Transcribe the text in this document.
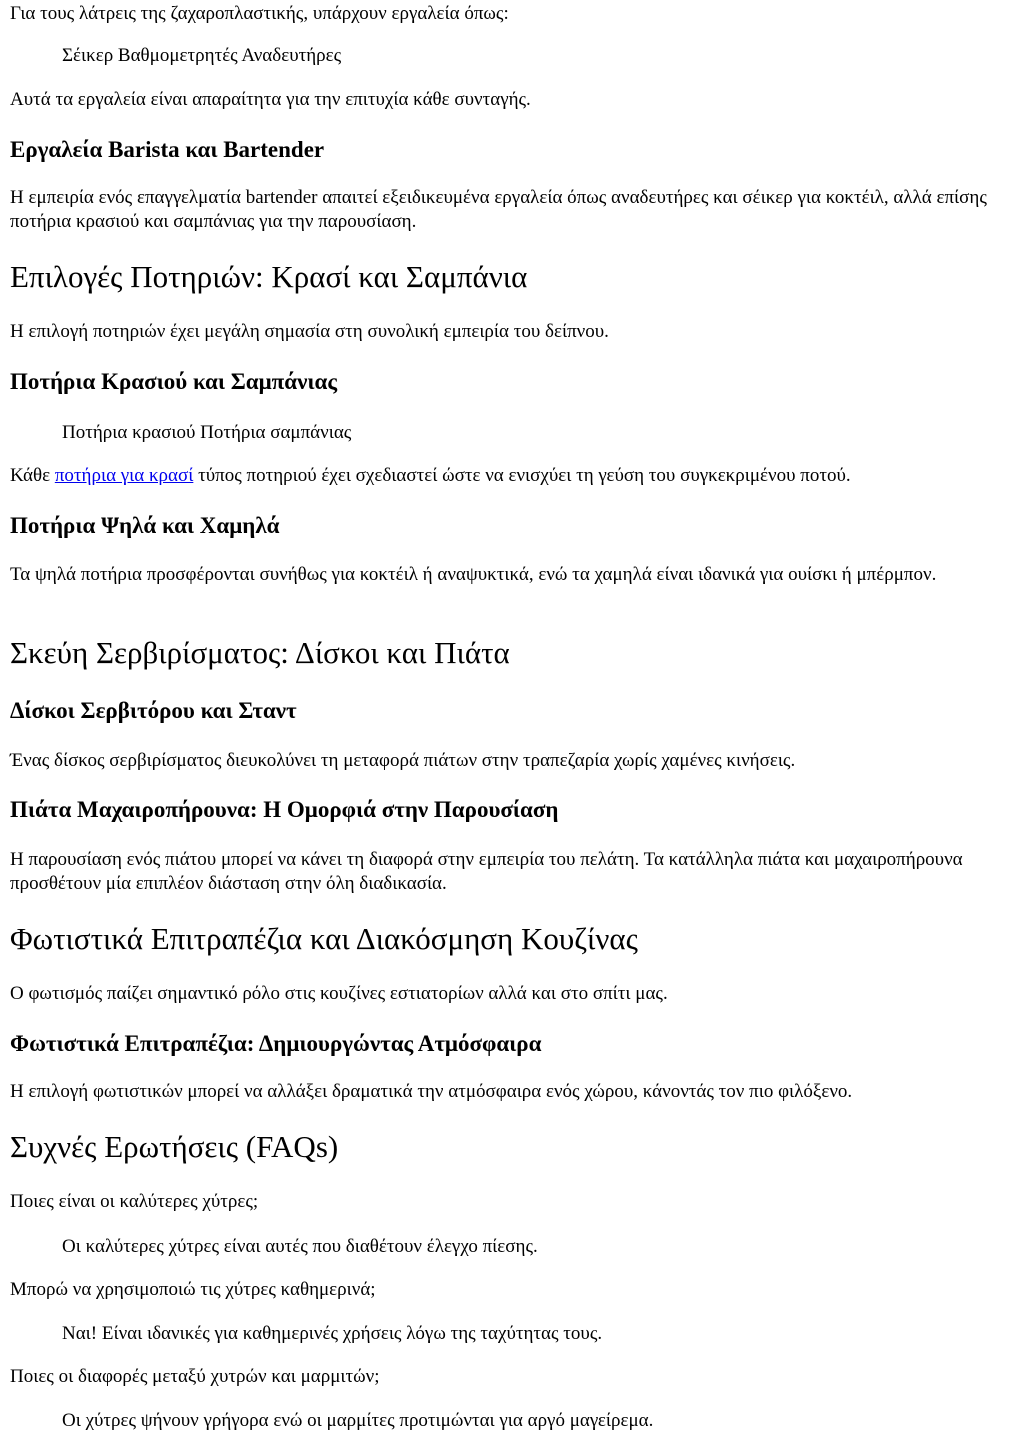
Για τους λάτρεις της ζαχαροπλαστικής, υπάρχουν εργαλεία όπως:

Σέικερ Βαθμομετρητές Αναδευτήρες

Αυτά τα εργαλεία είναι απαραίτητα για την επιτυχία κάθε συνταγής.

Εργαλεία Barista και Bartender

Η εμπειρία ενός επαγγελματία bartender απαιτεί εξειδικευμένα εργαλεία όπως αναδευτήρες και σέικερ για κοκτέιλ, αλλά επίσης ποτήρια κρασιού και σαμπάνιας για την παρουσίαση.

Επιλογές Ποτηριών: Κρασί και Σαμπάνια

Η επιλογή ποτηριών έχει μεγάλη σημασία στη συνολική εμπειρία του δείπνου.

Ποτήρια Κρασιού και Σαμπάνιας

Ποτήρια κρασιού Ποτήρια σαμπάνιας

Κάθε ποτήρια για κρασί τύπος ποτηριού έχει σχεδιαστεί ώστε να ενισχύει τη γεύση του συγκεκριμένου ποτού.

Ποτήρια Ψηλά και Χαμηλά

Τα ψηλά ποτήρια προσφέρονται συνήθως για κοκτέιλ ή αναψυκτικά, ενώ τα χαμηλά είναι ιδανικά για ουίσκι ή μπέρμπον.

Σκεύη Σερβιρίσματος: Δίσκοι και Πιάτα
Δίσκοι Σερβιτόρου και Σταντ

Ένας δίσκος σερβιρίσματος διευκολύνει τη μεταφορά πιάτων στην τραπεζαρία χωρίς χαμένες κινήσεις.

Πιάτα Μαχαιροπήρουνα: Η Ομορφιά στην Παρουσίαση

Η παρουσίαση ενός πιάτου μπορεί να κάνει τη διαφορά στην εμπειρία του πελάτη. Τα κατάλληλα πιάτα και μαχαιροπήρουνα προσθέτουν μία επιπλέον διάσταση στην όλη διαδικασία.

Φωτιστικά Επιτραπέζια και Διακόσμηση Κουζίνας

Ο φωτισμός παίζει σημαντικό ρόλο στις κουζίνες εστιατορίων αλλά και στο σπίτι μας.

Φωτιστικά Επιτραπέζια: Δημιουργώντας Ατμόσφαιρα

Η επιλογή φωτιστικών μπορεί να αλλάξει δραματικά την ατμόσφαιρα ενός χώρου, κάνοντάς τον πιο φιλόξενο.

Συχνές Ερωτήσεις (FAQs)

Ποιες είναι οι καλύτερες χύτρες;

Οι καλύτερες χύτρες είναι αυτές που διαθέτουν έλεγχο πίεσης.

Μπορώ να χρησιμοποιώ τις χύτρες καθημερινά;

Ναι! Είναι ιδανικές για καθημερινές χρήσεις λόγω της ταχύτητας τους.

Ποιες οι διαφορές μεταξύ χυτρών και μαρμιτών;

Οι χύτρες ψήνουν γρήγορα ενώ οι μαρμίτες προτιμώνται για αργό μαγείρεμα.
